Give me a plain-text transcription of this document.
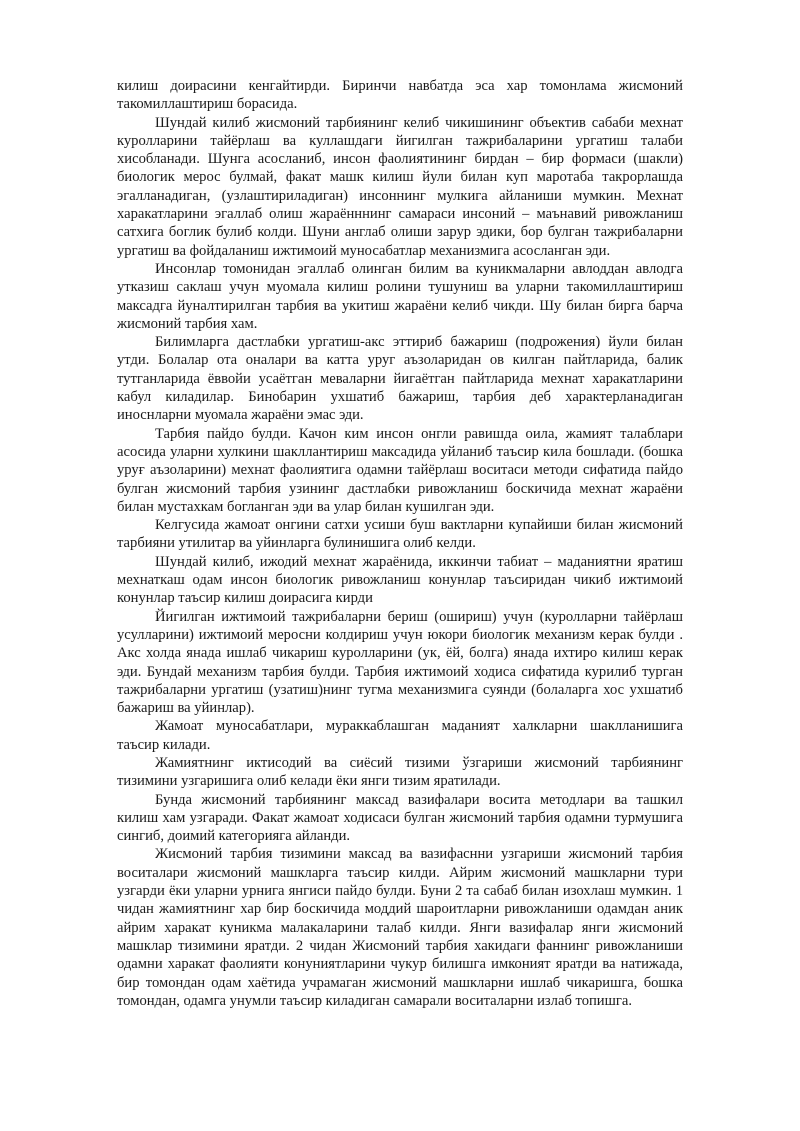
килиш доирасини кенгайтирди. Биринчи навбатда эса хар томонлама жисмоний такомиллаштириш борасида.

Шундай килиб жисмоний тарбиянинг келиб чикишининг объектив сабаби мехнат куролларини тайёрлаш ва куллашдаги йигилган тажрибаларини ургатиш талаби хисобланади. Шунга асосланиб, инсон фаолиятининг бирдан – бир формаси (шакли) биологик мерос булмай, факат машк килиш йули билан куп маротаба такрорлашда эгалланадиган, (узлаштириладиган) инсоннинг мулкига айланиши мумкин. Мехнат харакатларини эгаллаб олиш жараённнинг самараси инсоний – маънавий ривожланиш сатхига боглик булиб колди. Шуни англаб олиши зарур эдики, бор булган тажрибаларни ургатиш ва фойдаланиш ижтимоий муносабатлар механизмига асосланган эди.

Инсонлар томонидан эгаллаб олинган билим ва куникмаларни авлоддан авлодга утказиш саклаш учун муомала килиш ролини тушуниш ва уларни такомиллаштириш максадга йуналтирилган тарбия ва укитиш жараёни келиб чикди. Шу билан бирга барча жисмоний тарбия хам.

Билимларга дастлабки ургатиш-акс эттириб бажариш (подрожения) йули билан утди. Болалар ота оналари ва катта уруг аъзоларидан ов килган пайтларида, балик тутганларида ёввойи усаётган меваларни йигаётган пайтларида мехнат харакатларини кабул киладилар. Бинобарин ухшатиб бажариш, тарбия деб характерланадиган иноснларни муомала жараёни эмас эди.

Тарбия пайдо булди. Качон ким инсон онгли равишда оила, жамият талаблари асосида уларни хулкини шакллантириш максадида уйланиб таъсир кила бошлади. (бошка уруғ аъзоларини) мехнат фаолиятига одамни тайёрлаш воситаси методи сифатида пайдо булган жисмоний тарбия узининг дастлабки ривожланиш боскичида мехнат жараёни билан мустахкам богланган эди ва улар билан кушилган эди.

Келгусида жамоат онгини сатхи усиши буш вактларни купайиши билан жисмоний тарбияни утилитар ва уйинларга булинишига олиб келди.

Шундай килиб, ижодий мехнат жараёнида, иккинчи табиат – маданиятни яратиш мехнаткаш одам инсон биологик ривожланиш конунлар таъсиридан чикиб ижтимоий конунлар таъсир килиш доирасига кирди

Йигилган ижтимоий тажрибаларни бериш (ошириш) учун (куролларни тайёрлаш усулларини) ижтимоий меросни колдириш учун юкори биологик механизм керак булди . Акс холда янада ишлаб чикариш куролларини (ук, ёй, болга) янада ихтиро килиш керак эди. Бундай механизм тарбия булди. Тарбия ижтимоий ходиса сифатида курилиб турган тажрибаларни ургатиш (узатиш)нинг тугма механизмига суянди (болаларга хос ухшатиб бажариш ва уйинлар).

Жамоат муносабатлари, мураккаблашган маданият халкларни шаклланишига таъсир килади.

Жамиятнинг иктисодий ва сиёсий тизими ўзгариши жисмоний тарбиянинг тизимини узгаришига олиб келади ёки янги тизим яратилади.

Бунда жисмоний тарбиянинг максад вазифалари восита методлари ва ташкил килиш хам узгаради. Факат жамоат ходисаси булган жисмоний тарбия одамни турмушига сингиб, доимий категорияга айланди.

Жисмоний тарбия тизимини максад ва вазифаснни узгариши жисмоний тарбия воситалари жисмоний машкларга таъсир килди. Айрим жисмоний машкларни тури узгарди ёки уларни урнига янгиси пайдо булди. Буни 2 та сабаб билан изохлаш мумкин. 1 чидан жамиятнинг хар бир боскичида моддий шароитларни ривожланиши одамдан аник айрим харакат куникма малакаларини талаб килди. Янги вазифалар янги жисмоний машклар тизимини яратди. 2 чидан Жисмоний тарбия хакидаги фаннинг ривожланиши одамни харакат фаолияти конуниятларини чукур билишга имконият яратди ва натижада, бир томондан одам хаётида учрамаган жисмоний машкларни ишлаб чикаришга, бошка томондан, одамга унумли таъсир киладиган самарали воситаларни излаб топишга.
